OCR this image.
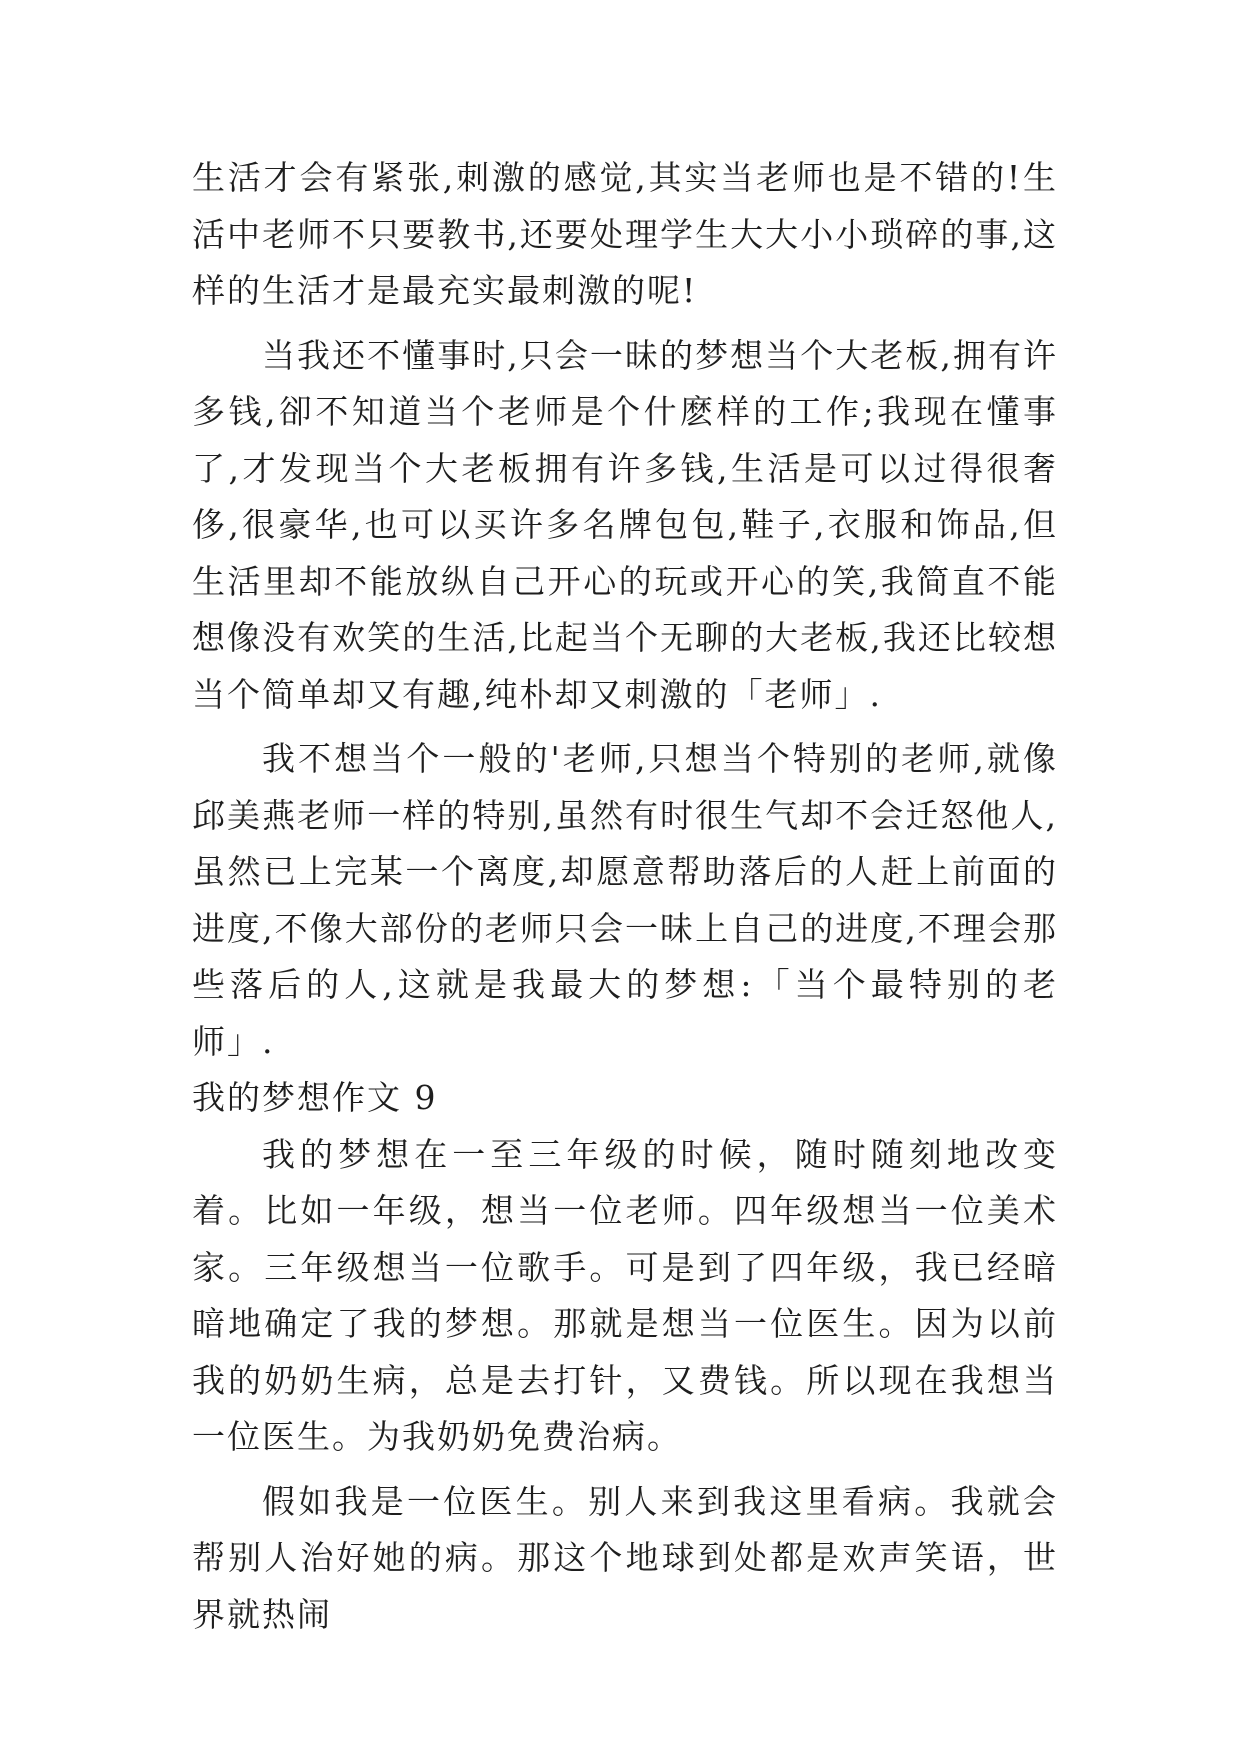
生活才会有紧张,刺激的感觉,其实当老师也是不错的!生活中老师不只要教书,还要处理学生大大小小琐碎的事,这样的生活才是最充实最刺激的呢!

当我还不懂事时,只会一昧的梦想当个大老板,拥有许多钱,卻不知道当个老师是个什麽样的工作;我现在懂事了,才发现当个大老板拥有许多钱,生活是可以过得很奢侈,很豪华,也可以买许多名牌包包,鞋子,衣服和饰品,但生活里却不能放纵自己开心的玩或开心的笑,我简直不能想像没有欢笑的生活,比起当个无聊的大老板,我还比较想当个简单却又有趣,纯朴却又刺激的「老师」.

我不想当个一般的'老师,只想当个特别的老师,就像邱美燕老师一样的特别,虽然有时很生气却不会迁怒他人,虽然已上完某一个离度,却愿意帮助落后的人赶上前面的进度,不像大部份的老师只会一昧上自己的进度,不理会那些落后的人,这就是我最大的梦想:「当个最特别的老师」.

我的梦想作文 9

我的梦想在一至三年级的时候，随时随刻地改变着。比如一年级，想当一位老师。四年级想当一位美术家。三年级想当一位歌手。可是到了四年级，我已经暗暗地确定了我的梦想。那就是想当一位医生。因为以前我的奶奶生病，总是去打针，又费钱。所以现在我想当一位医生。为我奶奶免费治病。

假如我是一位医生。别人来到我这里看病。我就会帮别人治好她的病。那这个地球到处都是欢声笑语，世界就热闹
